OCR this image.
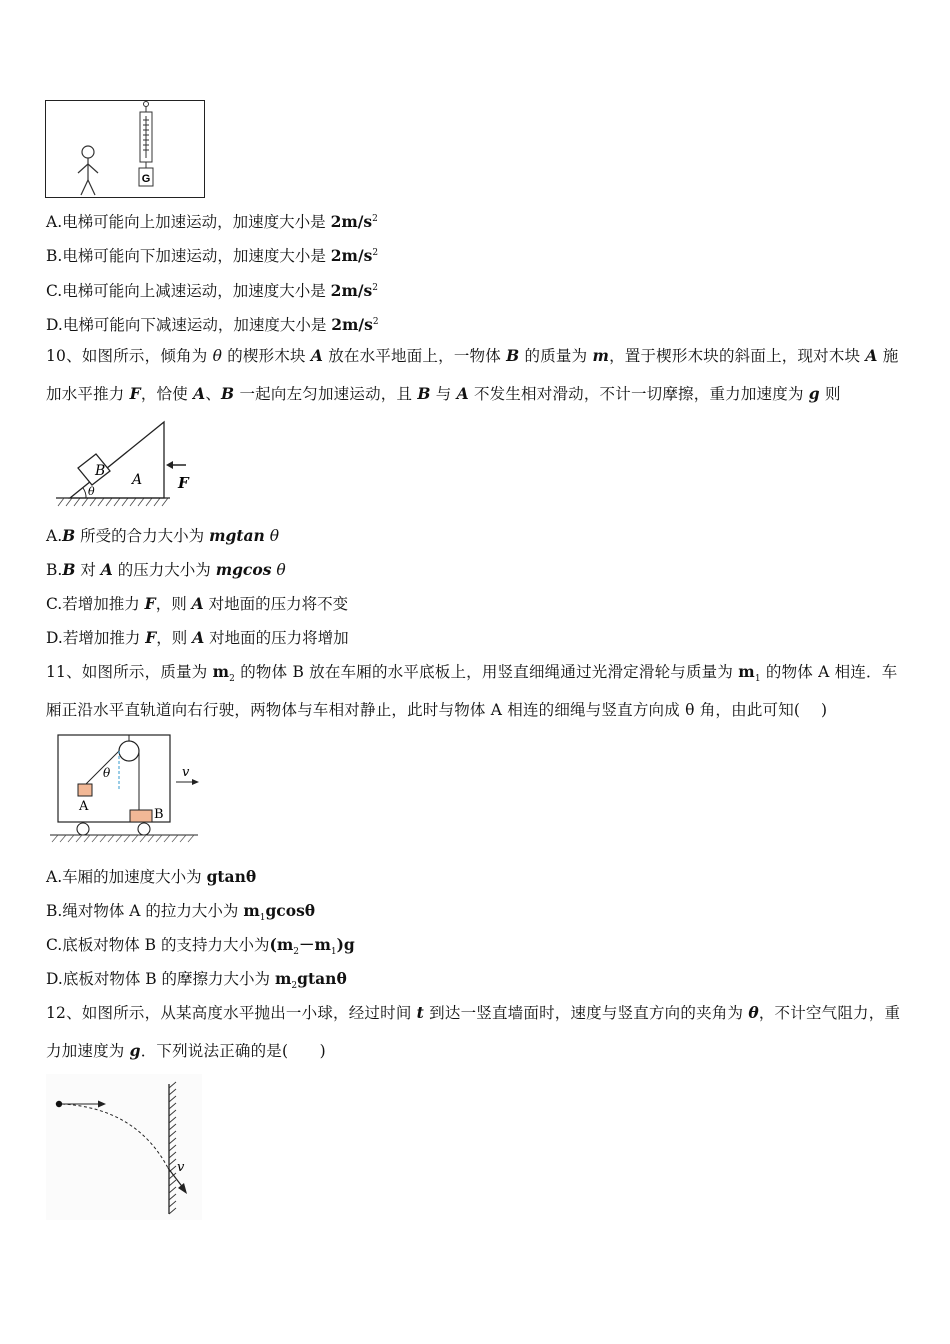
G
A.电梯可能向上加速运动，加速度大小是 $2m/s^2$
B.电梯可能向下加速运动，加速度大小是 $2m/s^2$
C.电梯可能向上减速运动，加速度大小是 $2m/s^2$
D.电梯可能向下减速运动，加速度大小是 $2m/s^2$
10、如图所示，倾角为 θ 的楔形木块 A 放在水平地面上，一物体 B 的质量为 m，置于楔形木块的斜面上，现对木块 A 施
加水平推力 F，恰使 A、B 一起向左匀加速运动，且 B 与 A 不发生相对滑动，不计一切摩擦，重力加速度为 g 则
B
A
θ	F
A.B 所受的合力大小为 mgtan θ
B.B 对 A 的压力大小为 mgcos θ
C.若增加推力 F，则 A 对地面的压力将不变
D.若增加推力 F，则 A 对地面的压力将增加
11、如图所示，质量为 $m_2$ 的物体 B 放在车厢的水平底板上，用竖直细绳通过光滑定滑轮与质量为 $m_1$ 的物体 A 相连．车
厢正沿水平直轨道向右行驶，两物体与车相对静止，此时与物体 A 相连的细绳与竖直方向成 θ 角，由此可知(　 )
θ
A
B
v
A.车厢的加速度大小为 gtanθ
B.绳对物体 A 的拉力大小为 $m_1gcos\theta$
C.底板对物体 B 的支持力大小为$(m_2-m_1)g$
D.底板对物体 B 的摩擦力大小为 $m_2gtan\theta$
12、如图所示，从某高度水平抛出一小球，经过时间 t 到达一竖直墙面时，速度与竖直方向的夹角为 θ，不计空气阻力，重
力加速度为 g．下列说法正确的是(　　)
v
